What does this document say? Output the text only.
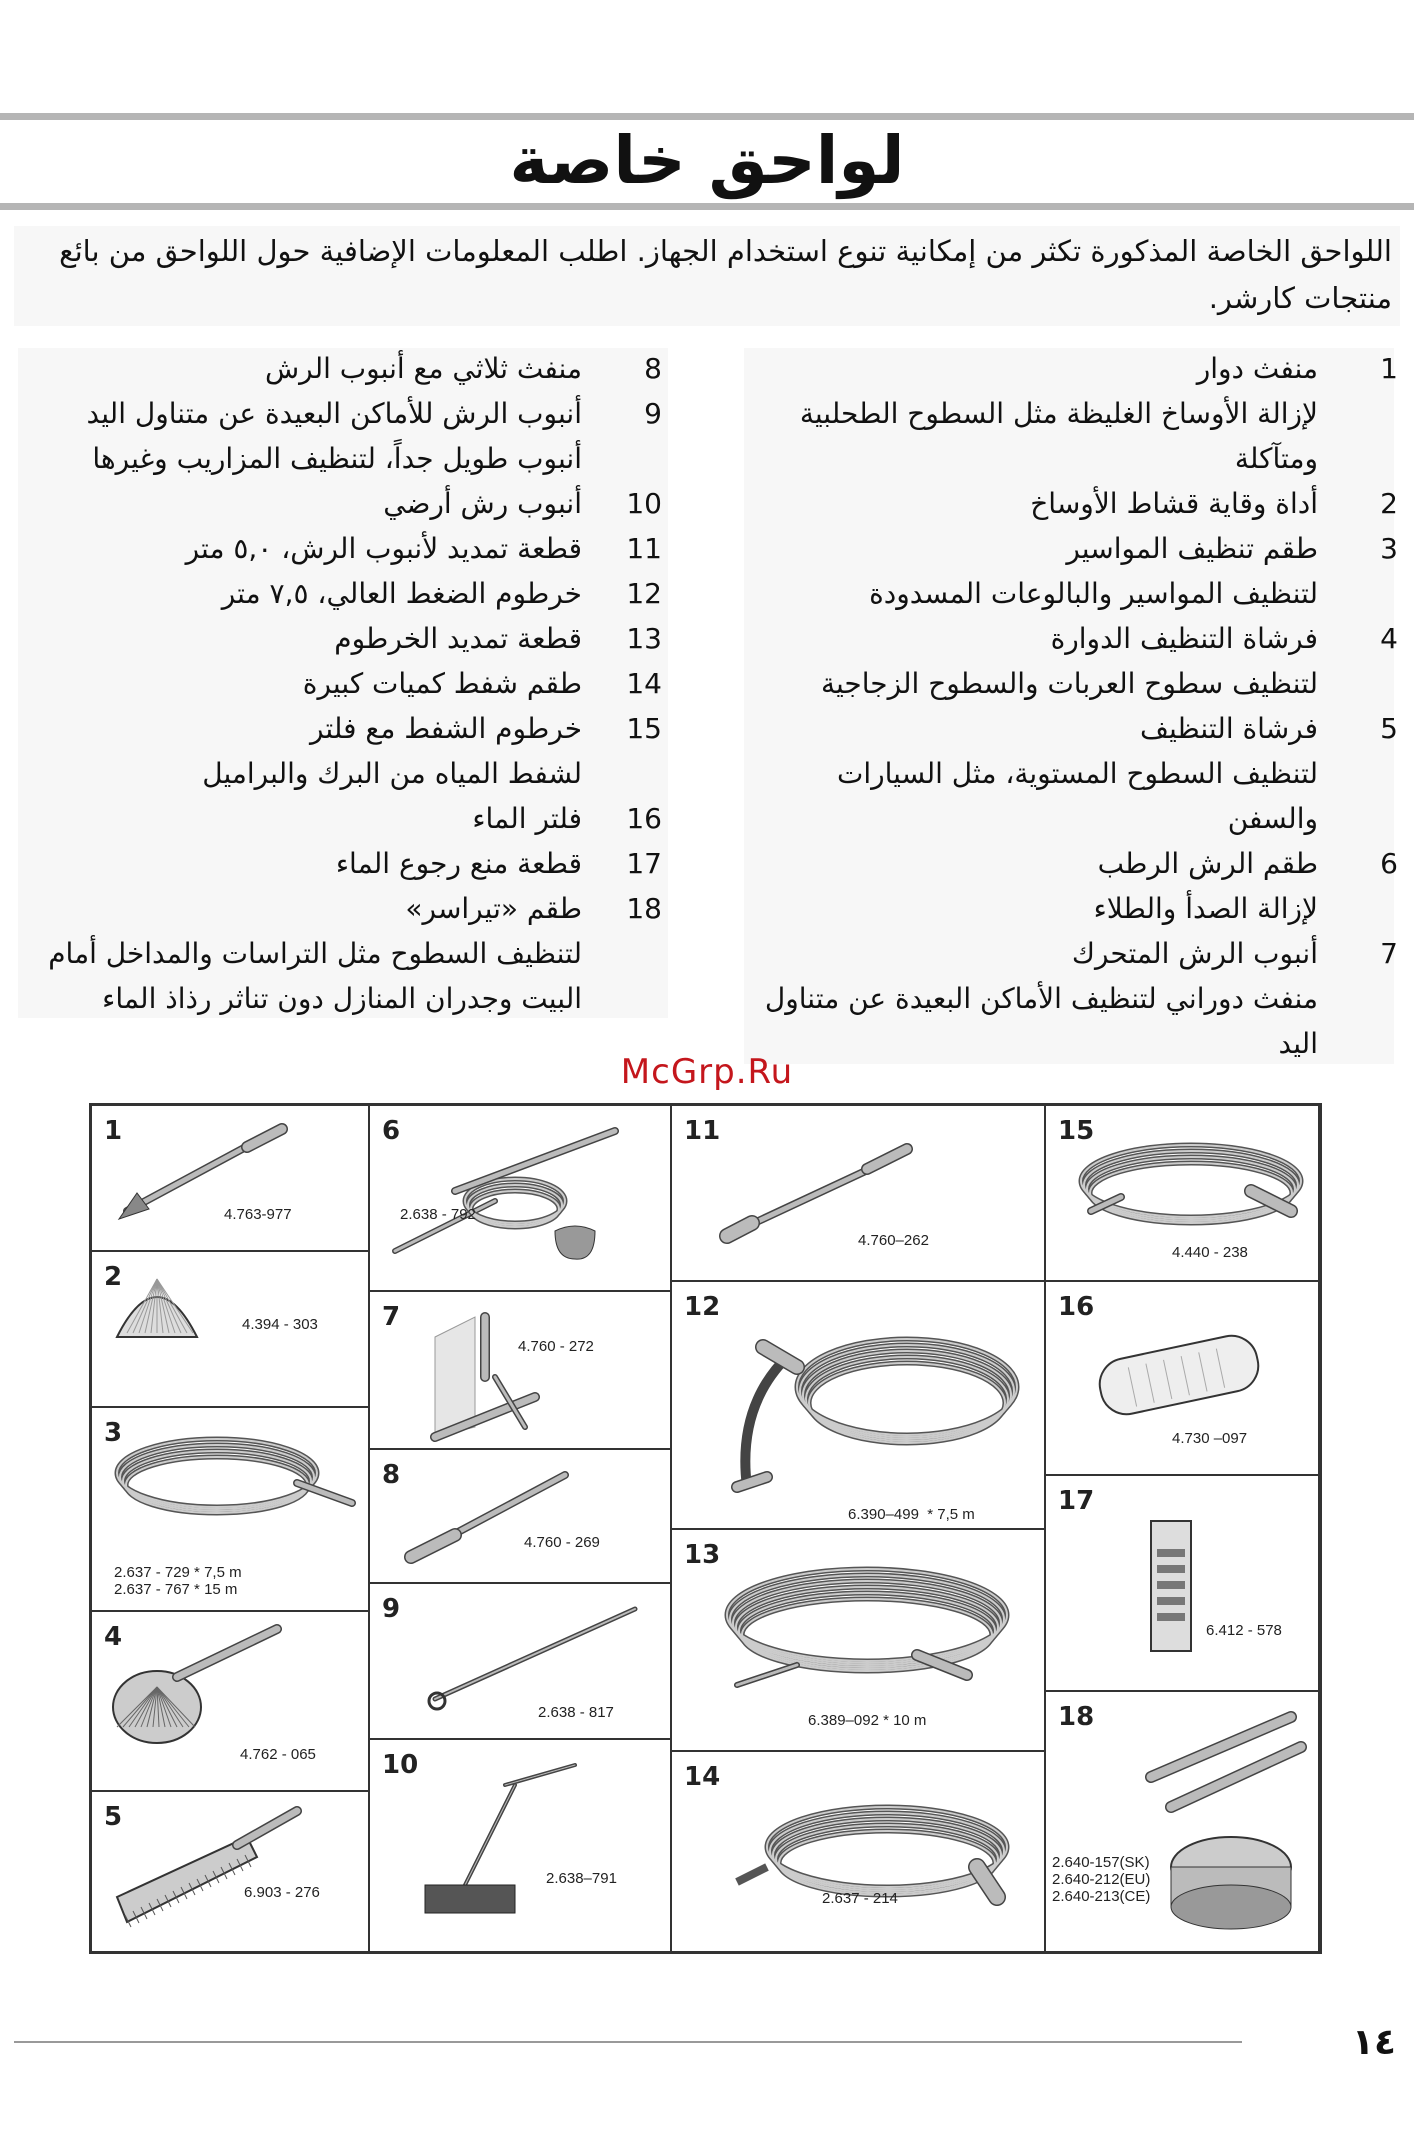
لواحق خاصة
اللواحق الخاصة المذكورة تكثر من إمكانية تنوع استخدام الجهاز. اطلب المعلومات الإضافية حول اللواحق من بائع
منتجات كارشر.
1
منفث دوار
لإزالة الأوساخ الغليظة مثل السطوح الطحلبية
ومتآكلة
2
أداة وقاية قشاط الأوساخ
3
طقم تنظيف المواسير
لتنظيف المواسير والبالوعات المسدودة
4
فرشاة التنظيف الدوارة
لتنظيف سطوح العربات والسطوح الزجاجية
5
فرشاة التنظيف
لتنظيف السطوح المستوية، مثل السيارات
والسفن
6
طقم الرش الرطب
لإزالة الصدأ والطلاء
7
أنبوب الرش المتحرك
منفث دوراني لتنظيف الأماكن البعيدة عن متناول
اليد
8
منفث ثلاثي مع أنبوب الرش
9
أنبوب الرش للأماكن البعيدة عن متناول اليد
أنبوب طويل جداً، لتنظيف المزاريب وغيرها
10
أنبوب رش أرضي
11
قطعة تمديد لأنبوب الرش، ٥,٠ متر
12
خرطوم الضغط العالي، ٧,٥ متر
13
قطعة تمديد الخرطوم
14
طقم شفط كميات كبيرة
15
خرطوم الشفط مع فلتر
لشفط المياه من البرك والبراميل
16
فلتر الماء
17
قطعة منع رجوع الماء
18
طقم «تيراسر»
لتنظيف السطوح مثل التراسات والمداخل أمام
البيت وجدران المنازل دون تناثر رذاذ الماء
McGrp.Ru
1
4.763-977
2
4.394 - 303
3
2.637 - 729 * 7,5 m
2.637 - 767 * 15 m
4
4.762 - 065
5
6.903 - 276
6
2.638 - 792
7
4.760 - 272
8
4.760 - 269
9
2.638 - 817
10
2.638–791
11
4.760–262
12
6.390–499  * 7,5 m
13
6.389–092 * 10 m
14
2.637 - 214
15
4.440 - 238
16
4.730 –097
17
6.412 - 578
18
2.640-157(SK)
2.640-212(EU)
2.640-213(CE)
١٤
